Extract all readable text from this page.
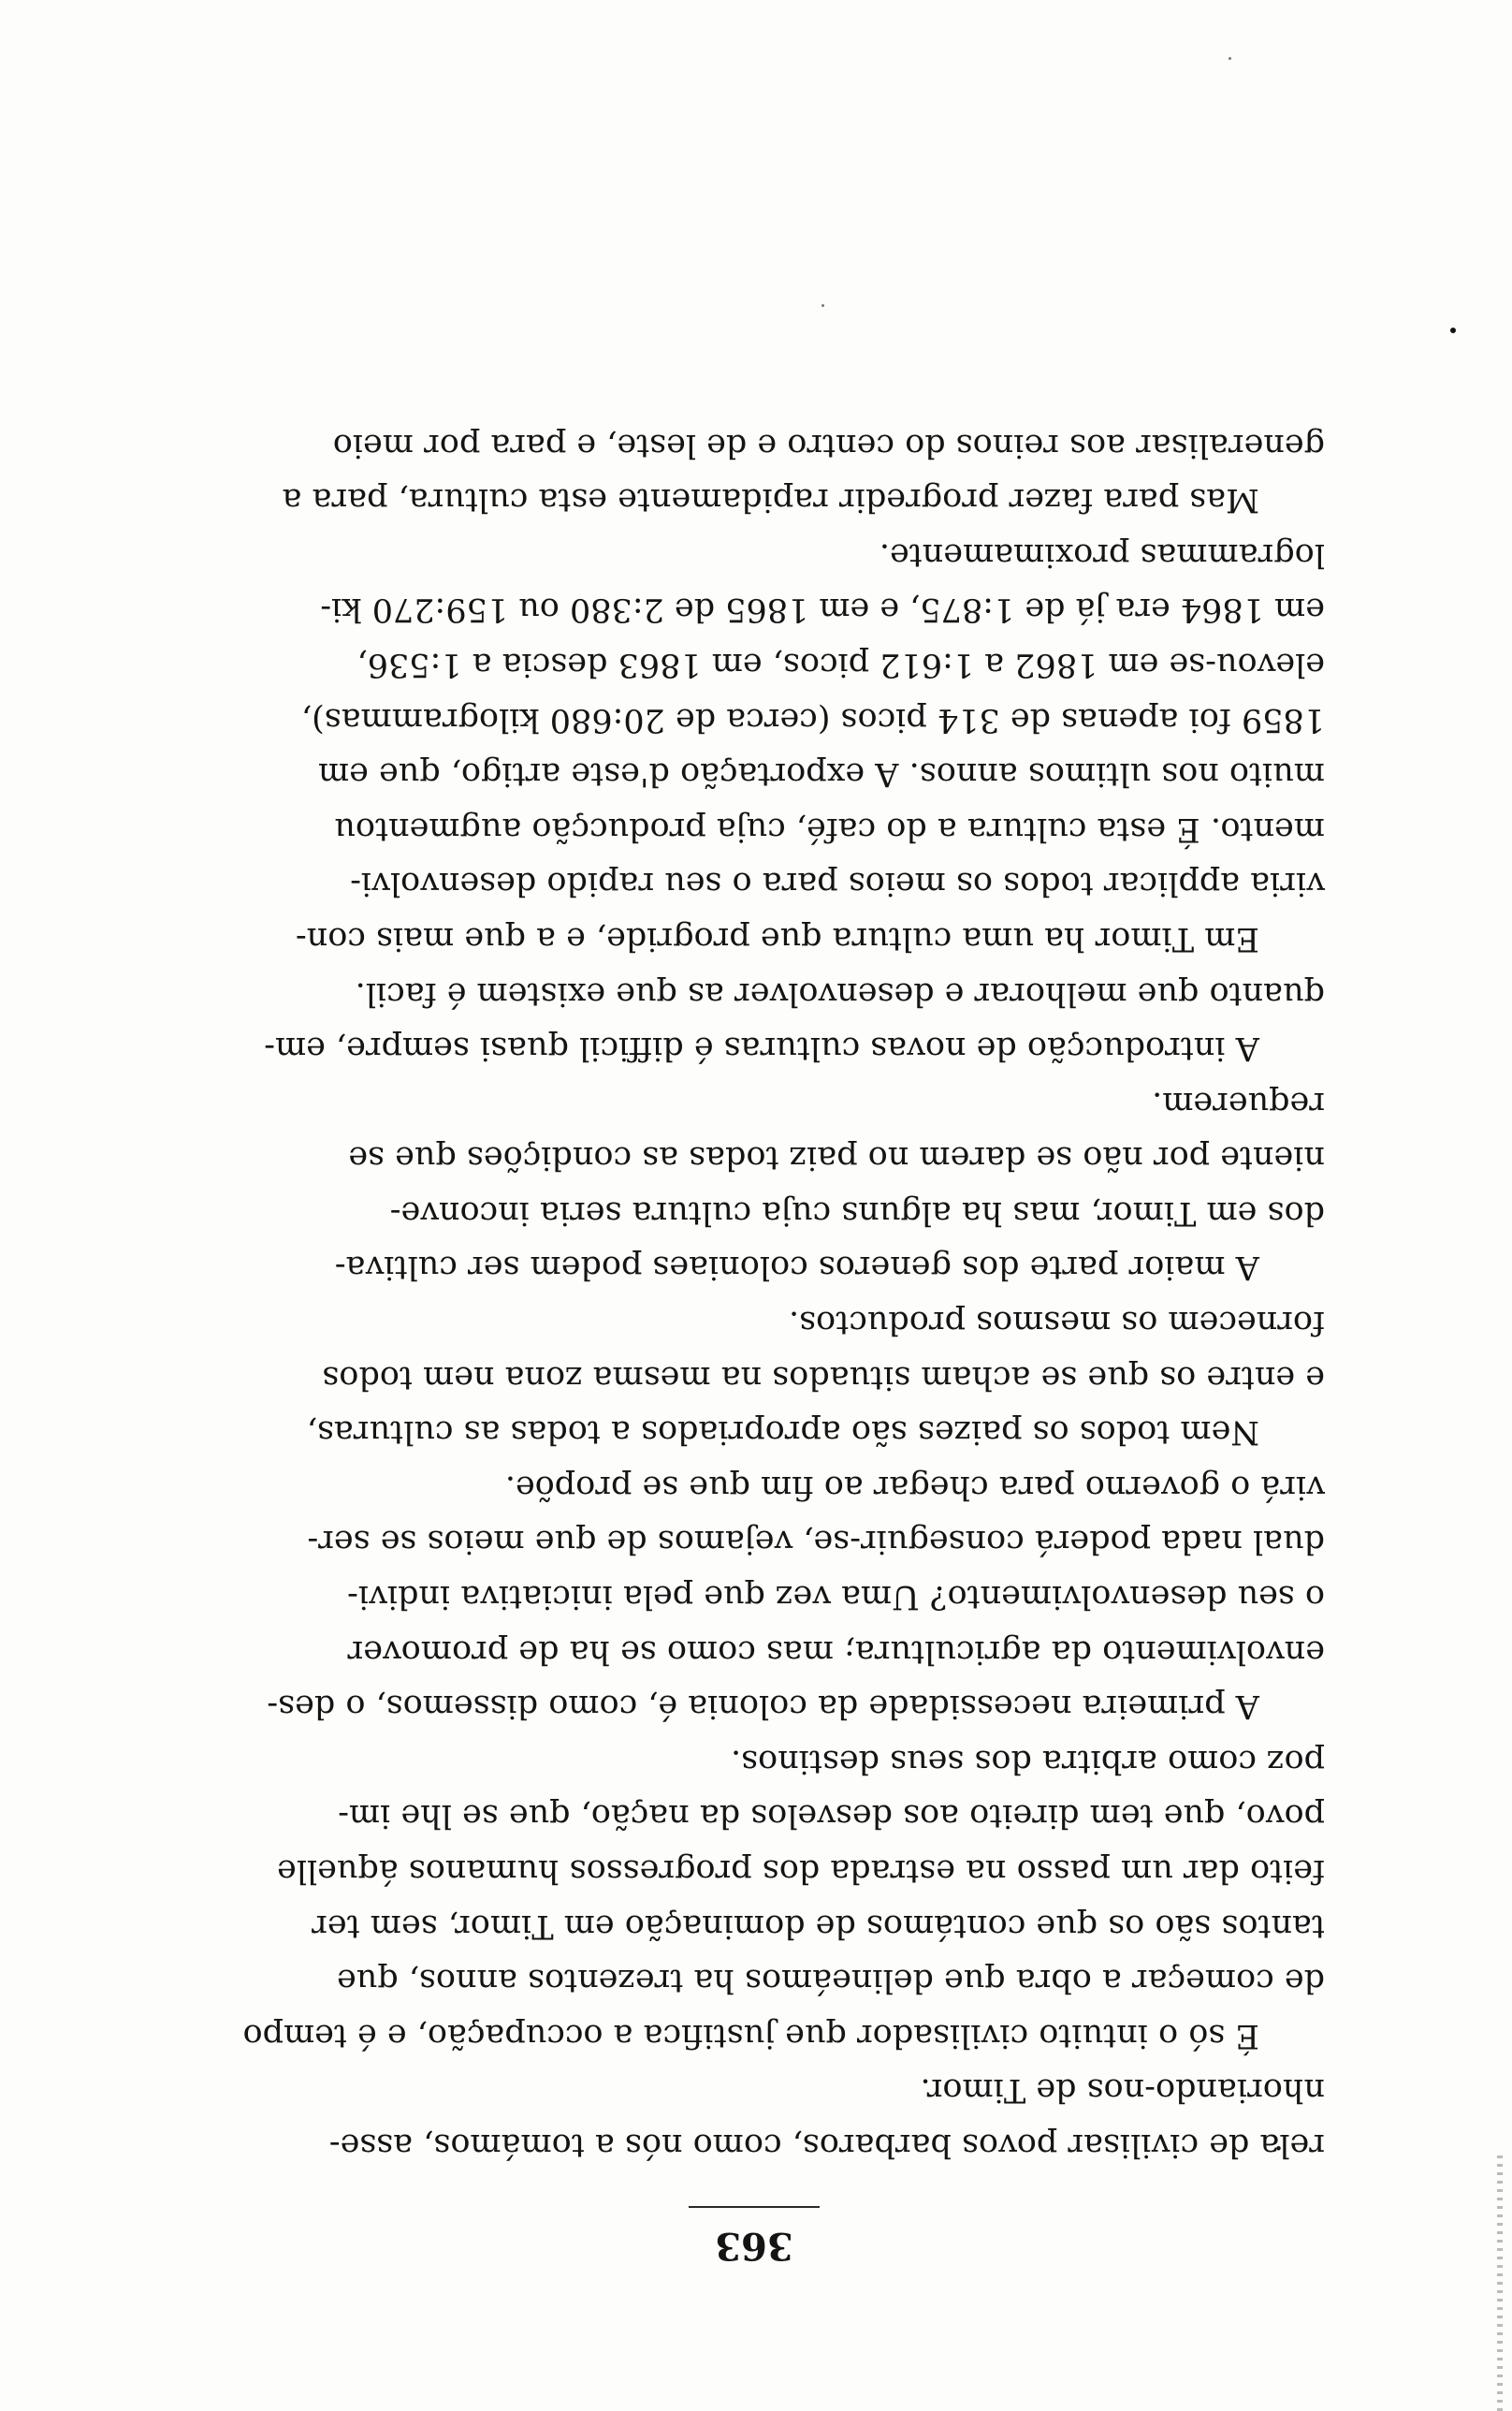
363
reŀa de civilisar povos barbaros, como nós a tomámos, asse-
nhoriando-nos de Timor.
É só o intuito civilisador que justifica a occupação, e é tempo
de começar a obra que delineámos ha trezentos annos, que
tantos são os que contámos de dominação em Timor, sem ter
feito dar um passo na estrada dos progressos humanos áquelle
povo, que tem direito aos desvelos da nação, que se lhe im-
poz como arbitra dos seus destinos.
A primeira necessidade da colonia é, como dissemos, o des-
envolvimento da agricultura; mas como se ha de promover
o seu desenvolvimento? Uma vez que pela iniciativa indivi-
dual nada poderá conseguir-se, vejamos de que meios se ser-
virá o governo para chegar ao fim que se propõe.
Nem todos os paizes são apropriados a todas as culturas,
e entre os que se acham situados na mesma zona nem todos
fornecem os mesmos productos.
A maior parte dos generos coloniaes podem ser cultiva-
dos em Timor, mas ha alguns cuja cultura seria inconve-
niente por não se darem no paiz todas as condições que se
requerem.
A introducção de novas culturas é difficil quasi sempre, em-
quanto que melhorar e desenvolver as que existem é facil.
Em Timor ha uma cultura que progride, e a que mais con-
viria applicar todos os meios para o seu rapido desenvolvi-
mento. É esta cultura a do café, cuja producção augmentou
muito nos ultimos annos. A exportação d'este artigo, que em
1859 foi apenas de 314 picos (cerca de 20:680 kilogrammas),
elevou-se em 1862 a 1:612 picos, em 1863 descia a 1:536,
em 1864 era já de 1:875, e em 1865 de 2:380 ou 159:270 ki-
logrammas proximamente.
Mas para fazer progredir rapidamente esta cultura, para a
generalisar aos reinos do centro e de leste, e para por meio
